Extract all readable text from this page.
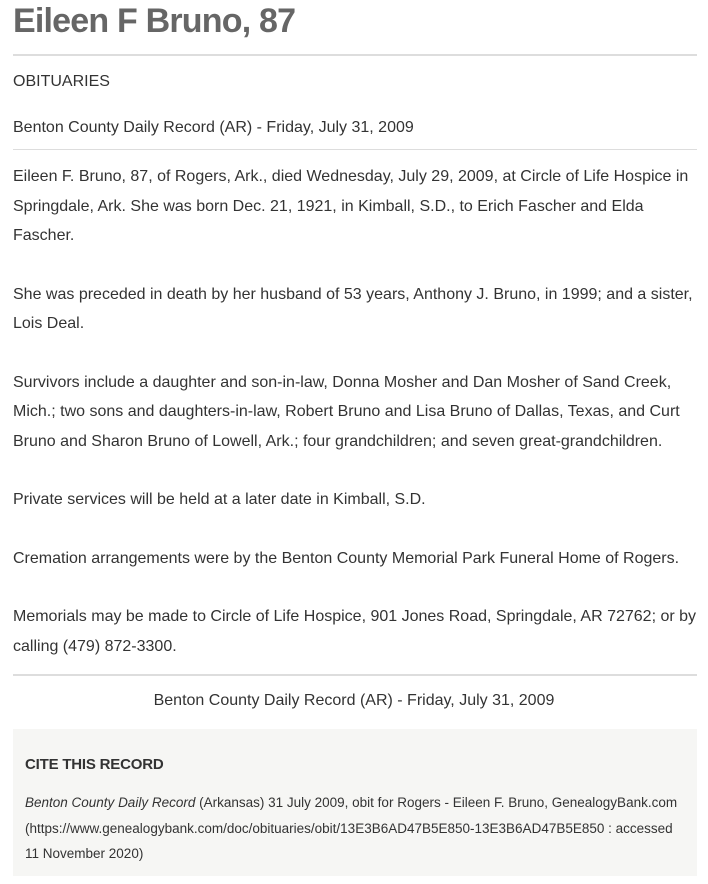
Eileen F Bruno, 87
OBITUARIES
Benton County Daily Record (AR) - Friday, July 31, 2009

Eileen F. Bruno, 87, of Rogers, Ark., died Wednesday, July 29, 2009, at Circle of Life Hospice in Springdale, Ark. She was born Dec. 21, 1921, in Kimball, S.D., to Erich Fascher and Elda Fascher.

She was preceded in death by her husband of 53 years, Anthony J. Bruno, in 1999; and a sister, Lois Deal.

Survivors include a daughter and son-in-law, Donna Mosher and Dan Mosher of Sand Creek, Mich.; two sons and daughters-in-law, Robert Bruno and Lisa Bruno of Dallas, Texas, and Curt Bruno and Sharon Bruno of Lowell, Ark.; four grandchildren; and seven great-grandchildren.

Private services will be held at a later date in Kimball, S.D.

Cremation arrangements were by the Benton County Memorial Park Funeral Home of Rogers.

Memorials may be made to Circle of Life Hospice, 901 Jones Road, Springdale, AR 72762; or by calling (479) 872-3300.

Benton County Daily Record (AR) - Friday, July 31, 2009
CITE THIS RECORD
Benton County Daily Record (Arkansas) 31 July 2009, obit for Rogers - Eileen F. Bruno, GenealogyBank.com (https://www.genealogybank.com/doc/obituaries/obit/13E3B6AD47B5E850-13E3B6AD47B5E850 : accessed 11 November 2020)
